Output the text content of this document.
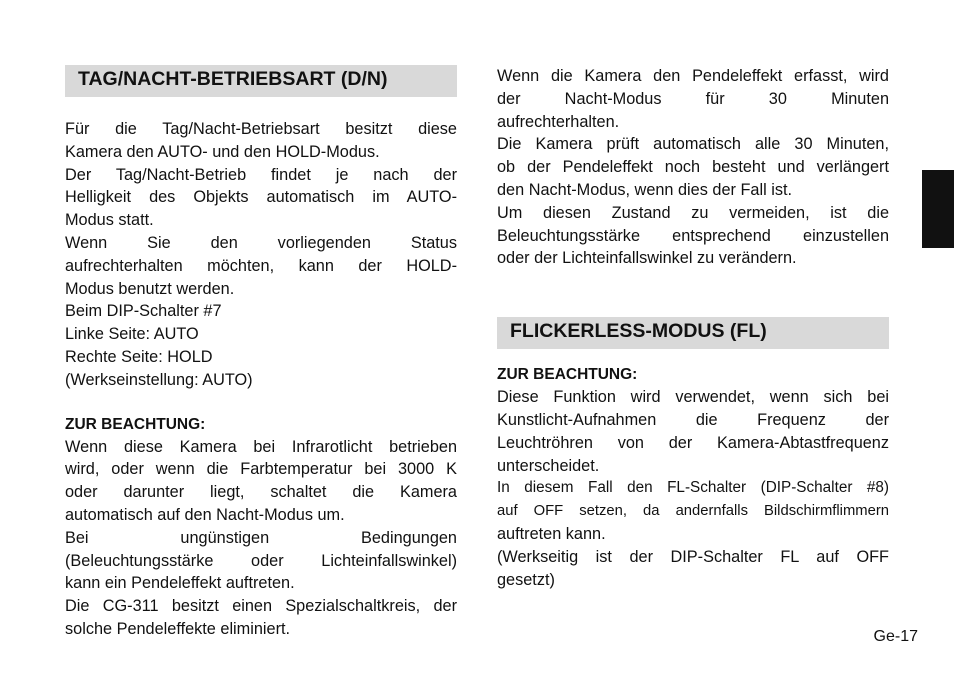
TAG/NACHT-BETRIEBSART (D/N)
Für die Tag/Nacht-Betriebsart besitzt diese
Kamera den AUTO- und den HOLD-Modus.
Der Tag/Nacht-Betrieb findet je nach der
Helligkeit des Objekts automatisch im AUTO-
Modus statt.
Wenn Sie den vorliegenden Status
aufrechterhalten möchten, kann der HOLD-
Modus benutzt werden.
Beim DIP-Schalter #7
Linke Seite: AUTO
Rechte Seite: HOLD
(Werkseinstellung: AUTO)
ZUR BEACHTUNG:
Wenn diese Kamera bei Infrarotlicht betrieben
wird, oder wenn die Farbtemperatur bei 3000 K
oder darunter liegt, schaltet die Kamera
automatisch auf den Nacht-Modus um.
Bei ungünstigen Bedingungen
(Beleuchtungsstärke oder Lichteinfallswinkel)
kann ein Pendeleffekt auftreten.
Die CG-311 besitzt einen Spezialschaltkreis, der
solche Pendeleffekte eliminiert.
Wenn die Kamera den Pendeleffekt erfasst, wird
der Nacht-Modus für 30 Minuten
aufrechterhalten.
Die Kamera prüft automatisch alle 30 Minuten,
ob der Pendeleffekt noch besteht und verlängert
den Nacht-Modus, wenn dies der Fall ist.
Um diesen Zustand zu vermeiden, ist die
Beleuchtungsstärke entsprechend einzustellen
oder der Lichteinfallswinkel zu verändern.
FLICKERLESS-MODUS (FL)
ZUR BEACHTUNG:
Diese Funktion wird verwendet, wenn sich bei
Kunstlicht-Aufnahmen die Frequenz der
Leuchtröhren von der Kamera-Abtastfrequenz
unterscheidet.
In diesem Fall den FL-Schalter (DIP-Schalter #8)
auf OFF setzen, da andernfalls Bildschirmflimmern
auftreten kann.
(Werkseitig ist der DIP-Schalter FL auf OFF
gesetzt)
Ge-17
